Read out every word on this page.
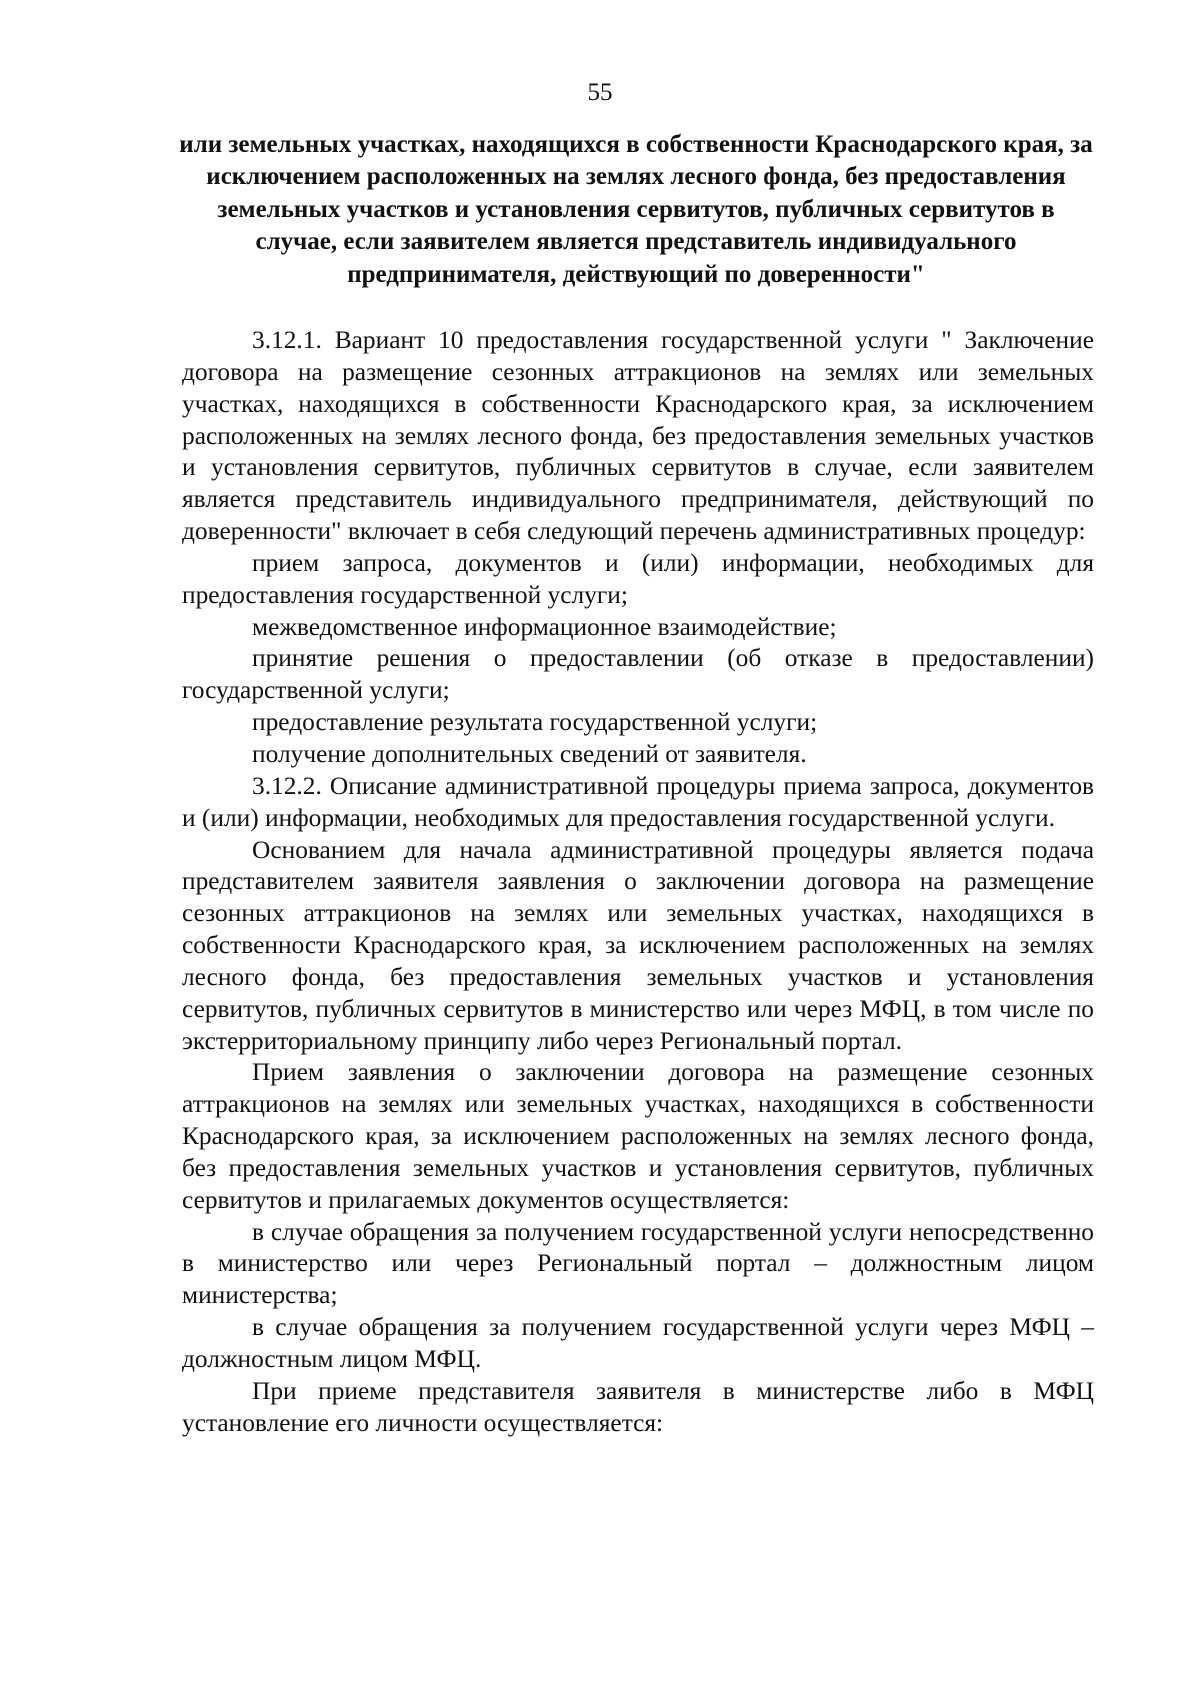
55
или земельных участках, находящихся в собственности Краснодарского края, за исключением расположенных на землях лесного фонда, без предоставления земельных участков и установления сервитутов, публичных сервитутов в случае, если заявителем является представитель индивидуального предпринимателя, действующий по доверенности"

3.12.1. Вариант 10 предоставления государственной услуги " Заключение договора на размещение сезонных аттракционов на землях или земельных участках, находящихся в собственности Краснодарского края, за исключением расположенных на землях лесного фонда, без предоставления земельных участков и установления сервитутов, публичных сервитутов в случае, если заявителем является представитель индивидуального предпринимателя, действующий по доверенности" включает в себя следующий перечень административных процедур:

прием запроса, документов и (или) информации, необходимых для предоставления государственной услуги;

межведомственное информационное взаимодействие;

принятие решения о предоставлении (об отказе в предоставлении) государственной услуги;

предоставление результата государственной услуги;

получение дополнительных сведений от заявителя.

3.12.2. Описание административной процедуры приема запроса, документов и (или) информации, необходимых для предоставления государственной услуги.

Основанием для начала административной процедуры является подача представителем заявителя заявления о заключении договора на размещение сезонных аттракционов на землях или земельных участках, находящихся в собственности Краснодарского края, за исключением расположенных на землях лесного фонда, без предоставления земельных участков и установления сервитутов, публичных сервитутов в министерство или через МФЦ, в том числе по экстерриториальному принципу либо через Региональный портал.

Прием заявления о заключении договора на размещение сезонных аттракционов на землях или земельных участках, находящихся в собственности Краснодарского края, за исключением расположенных на землях лесного фонда, без предоставления земельных участков и установления сервитутов, публичных сервитутов и прилагаемых документов осуществляется:

в случае обращения за получением государственной услуги непосредственно в министерство или через Региональный портал – должностным лицом министерства;

в случае обращения за получением государственной услуги через МФЦ – должностным лицом МФЦ.

При приеме представителя заявителя в министерстве либо в МФЦ установление его личности осуществляется:
